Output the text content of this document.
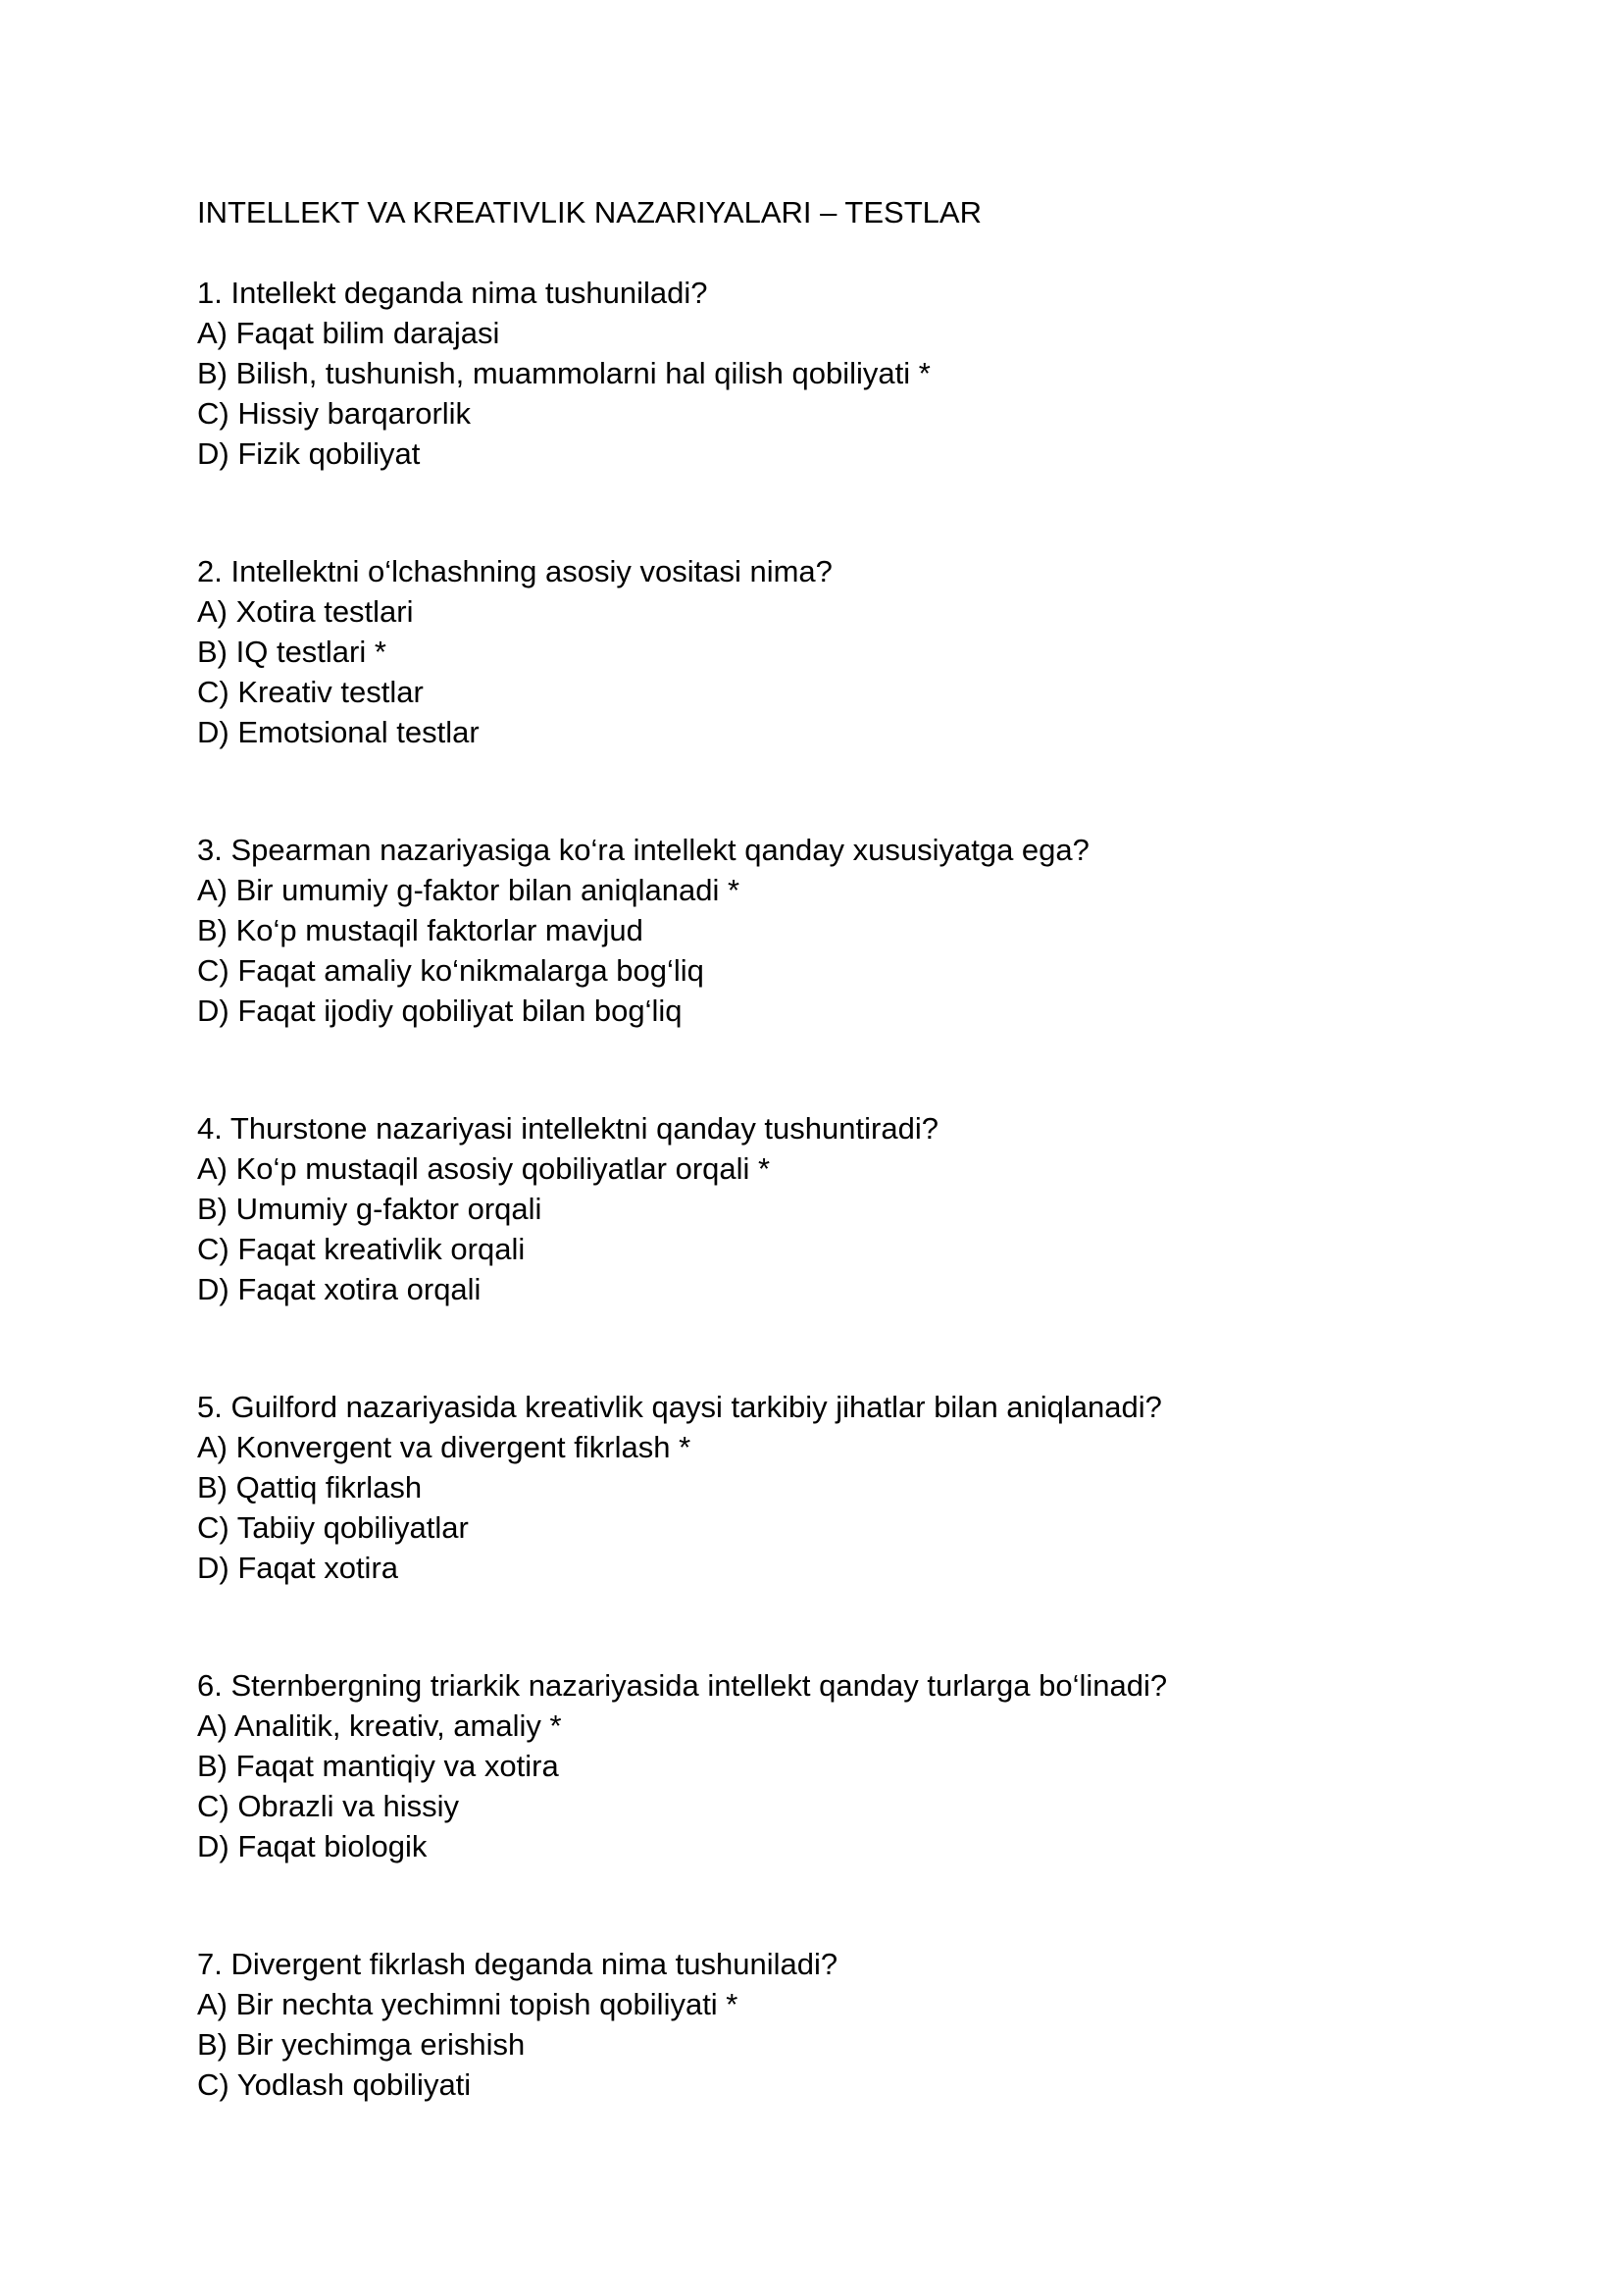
INTELLEKT VA KREATIVLIK NAZARIYALARI – TESTLAR
1. Intellekt deganda nima tushuniladi?
A) Faqat bilim darajasi
B) Bilish, tushunish, muammolarni hal qilish qobiliyati *
C) Hissiy barqarorlik
D) Fizik qobiliyat
2. Intellektni o‘lchashning asosiy vositasi nima?
A) Xotira testlari
B) IQ testlari *
C) Kreativ testlar
D) Emotsional testlar
3. Spearman nazariyasiga ko‘ra intellekt qanday xususiyatga ega?
A) Bir umumiy g-faktor bilan aniqlanadi *
B) Ko‘p mustaqil faktorlar mavjud
C) Faqat amaliy ko‘nikmalarga bog‘liq
D) Faqat ijodiy qobiliyat bilan bog‘liq
4. Thurstone nazariyasi intellektni qanday tushuntiradi?
A) Ko‘p mustaqil asosiy qobiliyatlar orqali *
B) Umumiy g-faktor orqali
C) Faqat kreativlik orqali
D) Faqat xotira orqali
5. Guilford nazariyasida kreativlik qaysi tarkibiy jihatlar bilan aniqlanadi?
A) Konvergent va divergent fikrlash *
B) Qattiq fikrlash
C) Tabiiy qobiliyatlar
D) Faqat xotira
6. Sternbergning triarkik nazariyasida intellekt qanday turlarga bo‘linadi?
A) Analitik, kreativ, amaliy *
B) Faqat mantiqiy va xotira
C) Obrazli va hissiy
D) Faqat biologik
7. Divergent fikrlash deganda nima tushuniladi?
A) Bir nechta yechimni topish qobiliyati *
B) Bir yechimga erishish
C) Yodlash qobiliyati
